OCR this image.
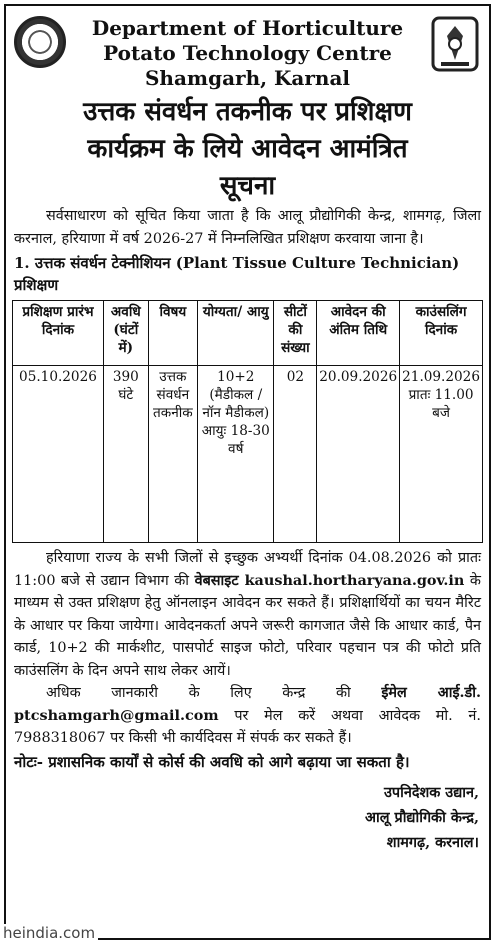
Department of Horticulture
Potato Technology Centre
Shamgarh, Karnal
उत्तक संवर्धन तकनीक पर प्रशिक्षण
कार्यक्रम के लिये आवेदन आमंत्रित
सूचना
सर्वसाधारण को सूचित किया जाता है कि आलू प्रौद्योगिकी केन्द्र, शामगढ़, जिला करनाल, हरियाणा में वर्ष 2026-27 में निम्नलिखित प्रशिक्षण करवाया जाना है।
1. उत्तक संवर्धन टेक्नीशियन (Plant Tissue Culture Technician) प्रशिक्षण
प्रशिक्षण प्रारंभ दिनांक	अवधि (घंटों में)	विषय	योग्यता/ आयु	सीटों की संख्या	आवेदन की अंतिम तिथि	काउंसलिंग दिनांक
05.10.2026	390 घंटे	उत्तक संवर्धन तकनीक	10+2 (मैडीकल / नॉन मैडीकल) आयुः 18-30 वर्ष	02	20.09.2026	21.09.2026 प्रातः 11.00 बजे
हरियाणा राज्य के सभी जिलों से इच्छुक अभ्यर्थी दिनांक 04.08.2026 को प्रातः 11:00 बजे से उद्यान विभाग की वेबसाइट kaushal.hortharyana.gov.in के माध्यम से उक्त प्रशिक्षण हेतु ऑनलाइन आवेदन कर सकते हैं। प्रशिक्षार्थियों का चयन मैरिट के आधार पर किया जायेगा। आवेदनकर्ता अपने जरूरी कागजात जैसे कि आधार कार्ड, पैन कार्ड, 10+2 की मार्कशीट, पासपोर्ट साइज फोटो, परिवार पहचान पत्र की फोटो प्रति काउंसलिंग के दिन अपने साथ लेकर आयें।
अधिक जानकारी के लिए केन्द्र की ईमेल आई.डी. ptcshamgarh@gmail.com पर मेल करें अथवा आवेदक मो. नं. 7988318067 पर किसी भी कार्यदिवस में संपर्क कर सकते हैं।
नोटः- प्रशासनिक कार्यों से कोर्स की अवधि को आगे बढ़ाया जा सकता है।
उपनिदेशक उद्यान,
आलू प्रौद्योगिकी केन्द्र,
शामगढ़, करनाल।
heindia.com
